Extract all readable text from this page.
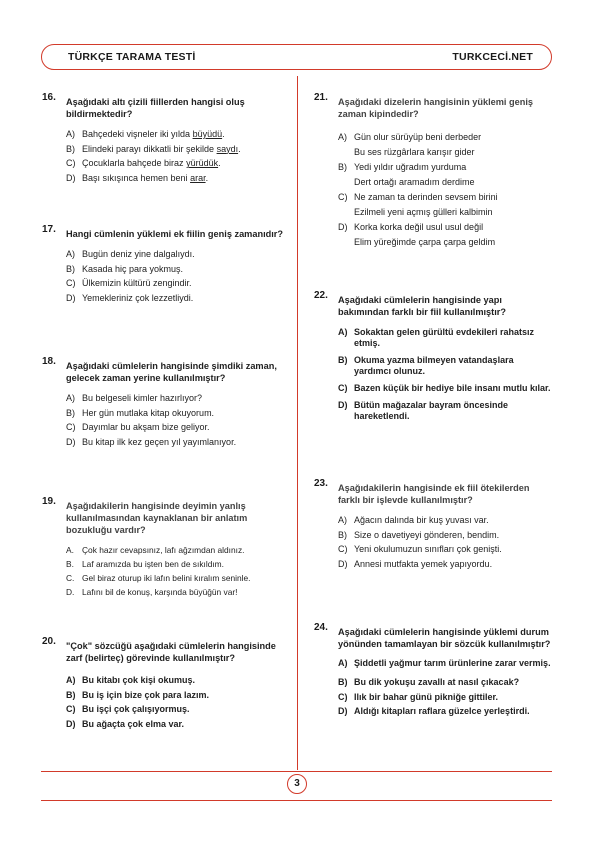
TÜRKÇE TARAMA TESTİ	TURKCECİ.NET
3
16. Aşağıdaki altı çizili fiillerden hangisi oluş bildirmektedir?
A) Bahçedeki vişneler iki yılda büyüdü.
B) Elindeki parayı dikkatli bir şekilde saydı.
C) Çocuklarla bahçede biraz yürüdük.
D) Başı sıkışınca hemen beni arar.
17. Hangi cümlenin yüklemi ek fiilin geniş zamanıdır?
A) Bugün deniz yine dalgalıydı.
B) Kasada hiç para yokmuş.
C) Ülkemizin kültürü zengindir.
D) Yemekleriniz çok lezzetliydi.
18. Aşağıdaki cümlelerin hangisinde şimdiki zaman, gelecek zaman yerine kullanılmıştır?
A) Bu belgeseli kimler hazırlıyor?
B) Her gün mutlaka kitap okuyorum.
C) Dayımlar bu akşam bize geliyor.
D) Bu kitap ilk kez geçen yıl yayımlanıyor.
19. Aşağıdakilerin hangisinde deyimin yanlış kullanılmasından kaynaklanan bir anlatım bozukluğu vardır?
A. Çok hazır cevapsınız, lafı ağzımdan aldınız.
B. Laf aramızda bu işten ben de sıkıldım.
C. Gel biraz oturup iki lafın belini kıralım seninle.
D. Lafını bil de konuş, karşında büyüğün var!
20. "Çok" sözcüğü aşağıdaki cümlelerin hangisinde zarf (belirteç) görevinde kullanılmıştır?
A) Bu kitabı çok kişi okumuş.
B) Bu iş için bize çok para lazım.
C) Bu işçi çok çalışıyormuş.
D) Bu ağaçta çok elma var.
21. Aşağıdaki dizelerin hangisinin yüklemi geniş zaman kipindedir?
A) Gün olur sürüyüp beni derbeder
Bu ses rüzgârlara karışır gider
B) Yedi yıldır uğradım yurduma
Dert ortağı aramadım derdime
C) Ne zaman ta derinden sevsem birini
Ezilmeli yeni açmış gülleri kalbimin
D) Korka korka değil usul usul değil
Elim yüreğimde çarpa çarpa geldim
22. Aşağıdaki cümlelerin hangisinde yapı bakımından farklı bir fiil kullanılmıştır?
A) Sokaktan gelen gürültü evdekileri rahatsız etmiş.
B) Okuma yazma bilmeyen vatandaşlara yardımcı olunuz.
C) Bazen küçük bir hediye bile insanı mutlu kılar.
D) Bütün mağazalar bayram öncesinde hareketlendi.
23. Aşağıdakilerin hangisinde ek fiil ötekilerden farklı bir işlevde kullanılmıştır?
A) Ağacın dalında bir kuş yuvası var.
B) Size o davetiyeyi gönderen, bendim.
C) Yeni okulumuzun sınıfları çok genişti.
D) Annesi mutfakta yemek yapıyordu.
24. Aşağıdaki cümlelerin hangisinde yüklemi durum yönünden tamamlayan bir sözcük kullanılmıştır?
A) Şiddetli yağmur tarım ürünlerine zarar vermiş.
B) Bu dik yokuşu zavallı at nasıl çıkacak?
C) Ilık bir bahar günü pikniğe gittiler.
D) Aldığı kitapları raflara güzelce yerleştirdi.
